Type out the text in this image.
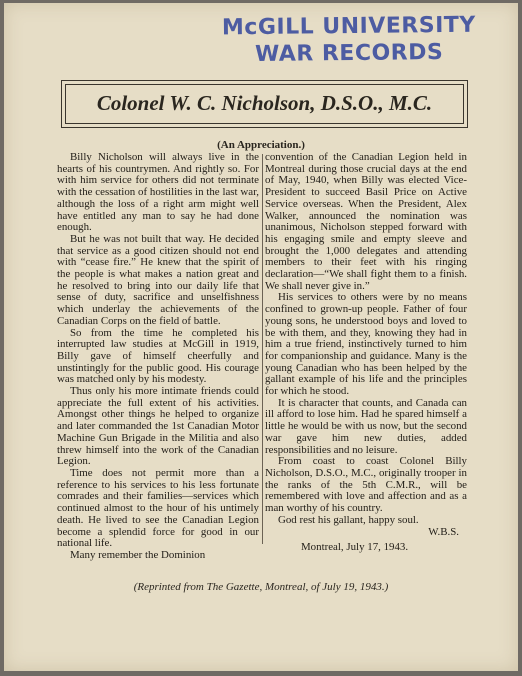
McGILL UNIVERSITY
WAR RECORDS
Colonel W. C. Nicholson, D.S.O., M.C.
(An Appreciation.)

Billy Nicholson will always live in the hearts of his countrymen. And rightly so. For with him service for others did not terminate with the cessation of hostilities in the last war, although the loss of a right arm might well have entitled any man to say he had done enough.

But he was not built that way. He decided that service as a good citizen should not end with “cease fire.” He knew that the spirit of the people is what makes a nation great and he resolved to bring into our daily life that sense of duty, sacrifice and unselfishness which underlay the achievements of the Canadian Corps on the field of battle.

So from the time he completed his interrupted law studies at McGill in 1919, Billy gave of himself cheerfully and unstintingly for the public good. His courage was matched only by his modesty.

Thus only his more intimate friends could appreciate the full extent of his activities. Amongst other things he helped to organize and later commanded the 1st Canadian Motor Machine Gun Brigade in the Militia and also threw himself into the work of the Canadian Legion.

Time does not permit more than a reference to his services to his less fortunate comrades and their families—services which continued almost to the hour of his untimely death. He lived to see the Canadian Legion become a splendid force for good in our national life.

Many remember the Dominion

convention of the Canadian Legion held in Montreal during those crucial days at the end of May, 1940, when Billy was elected Vice-President to succeed Basil Price on Active Service overseas. When the President, Alex Walker, announced the nomination was unanimous, Nicholson stepped forward with his engaging smile and empty sleeve and brought the 1,000 delegates and attending members to their feet with his ringing declaration—“We shall fight them to a finish. We shall never give in.”

His services to others were by no means confined to grown-up people. Father of four young sons, he understood boys and loved to be with them, and they, knowing they had in him a true friend, instinctively turned to him for companionship and guidance. Many is the young Canadian who has been helped by the gallant example of his life and the principles for which he stood.

It is character that counts, and Canada can ill afford to lose him. Had he spared himself a little he would be with us now, but the second war gave him new duties, added responsibilities and no leisure.

From coast to coast Colonel Billy Nicholson, D.S.O., M.C., originally trooper in the ranks of the 5th C.M.R., will be remembered with love and affection and as a man worthy of his country.

God rest his gallant, happy soul.

W.B.S.

Montreal, July 17, 1943.

(Reprinted from The Gazette, Montreal, of July 19, 1943.)
